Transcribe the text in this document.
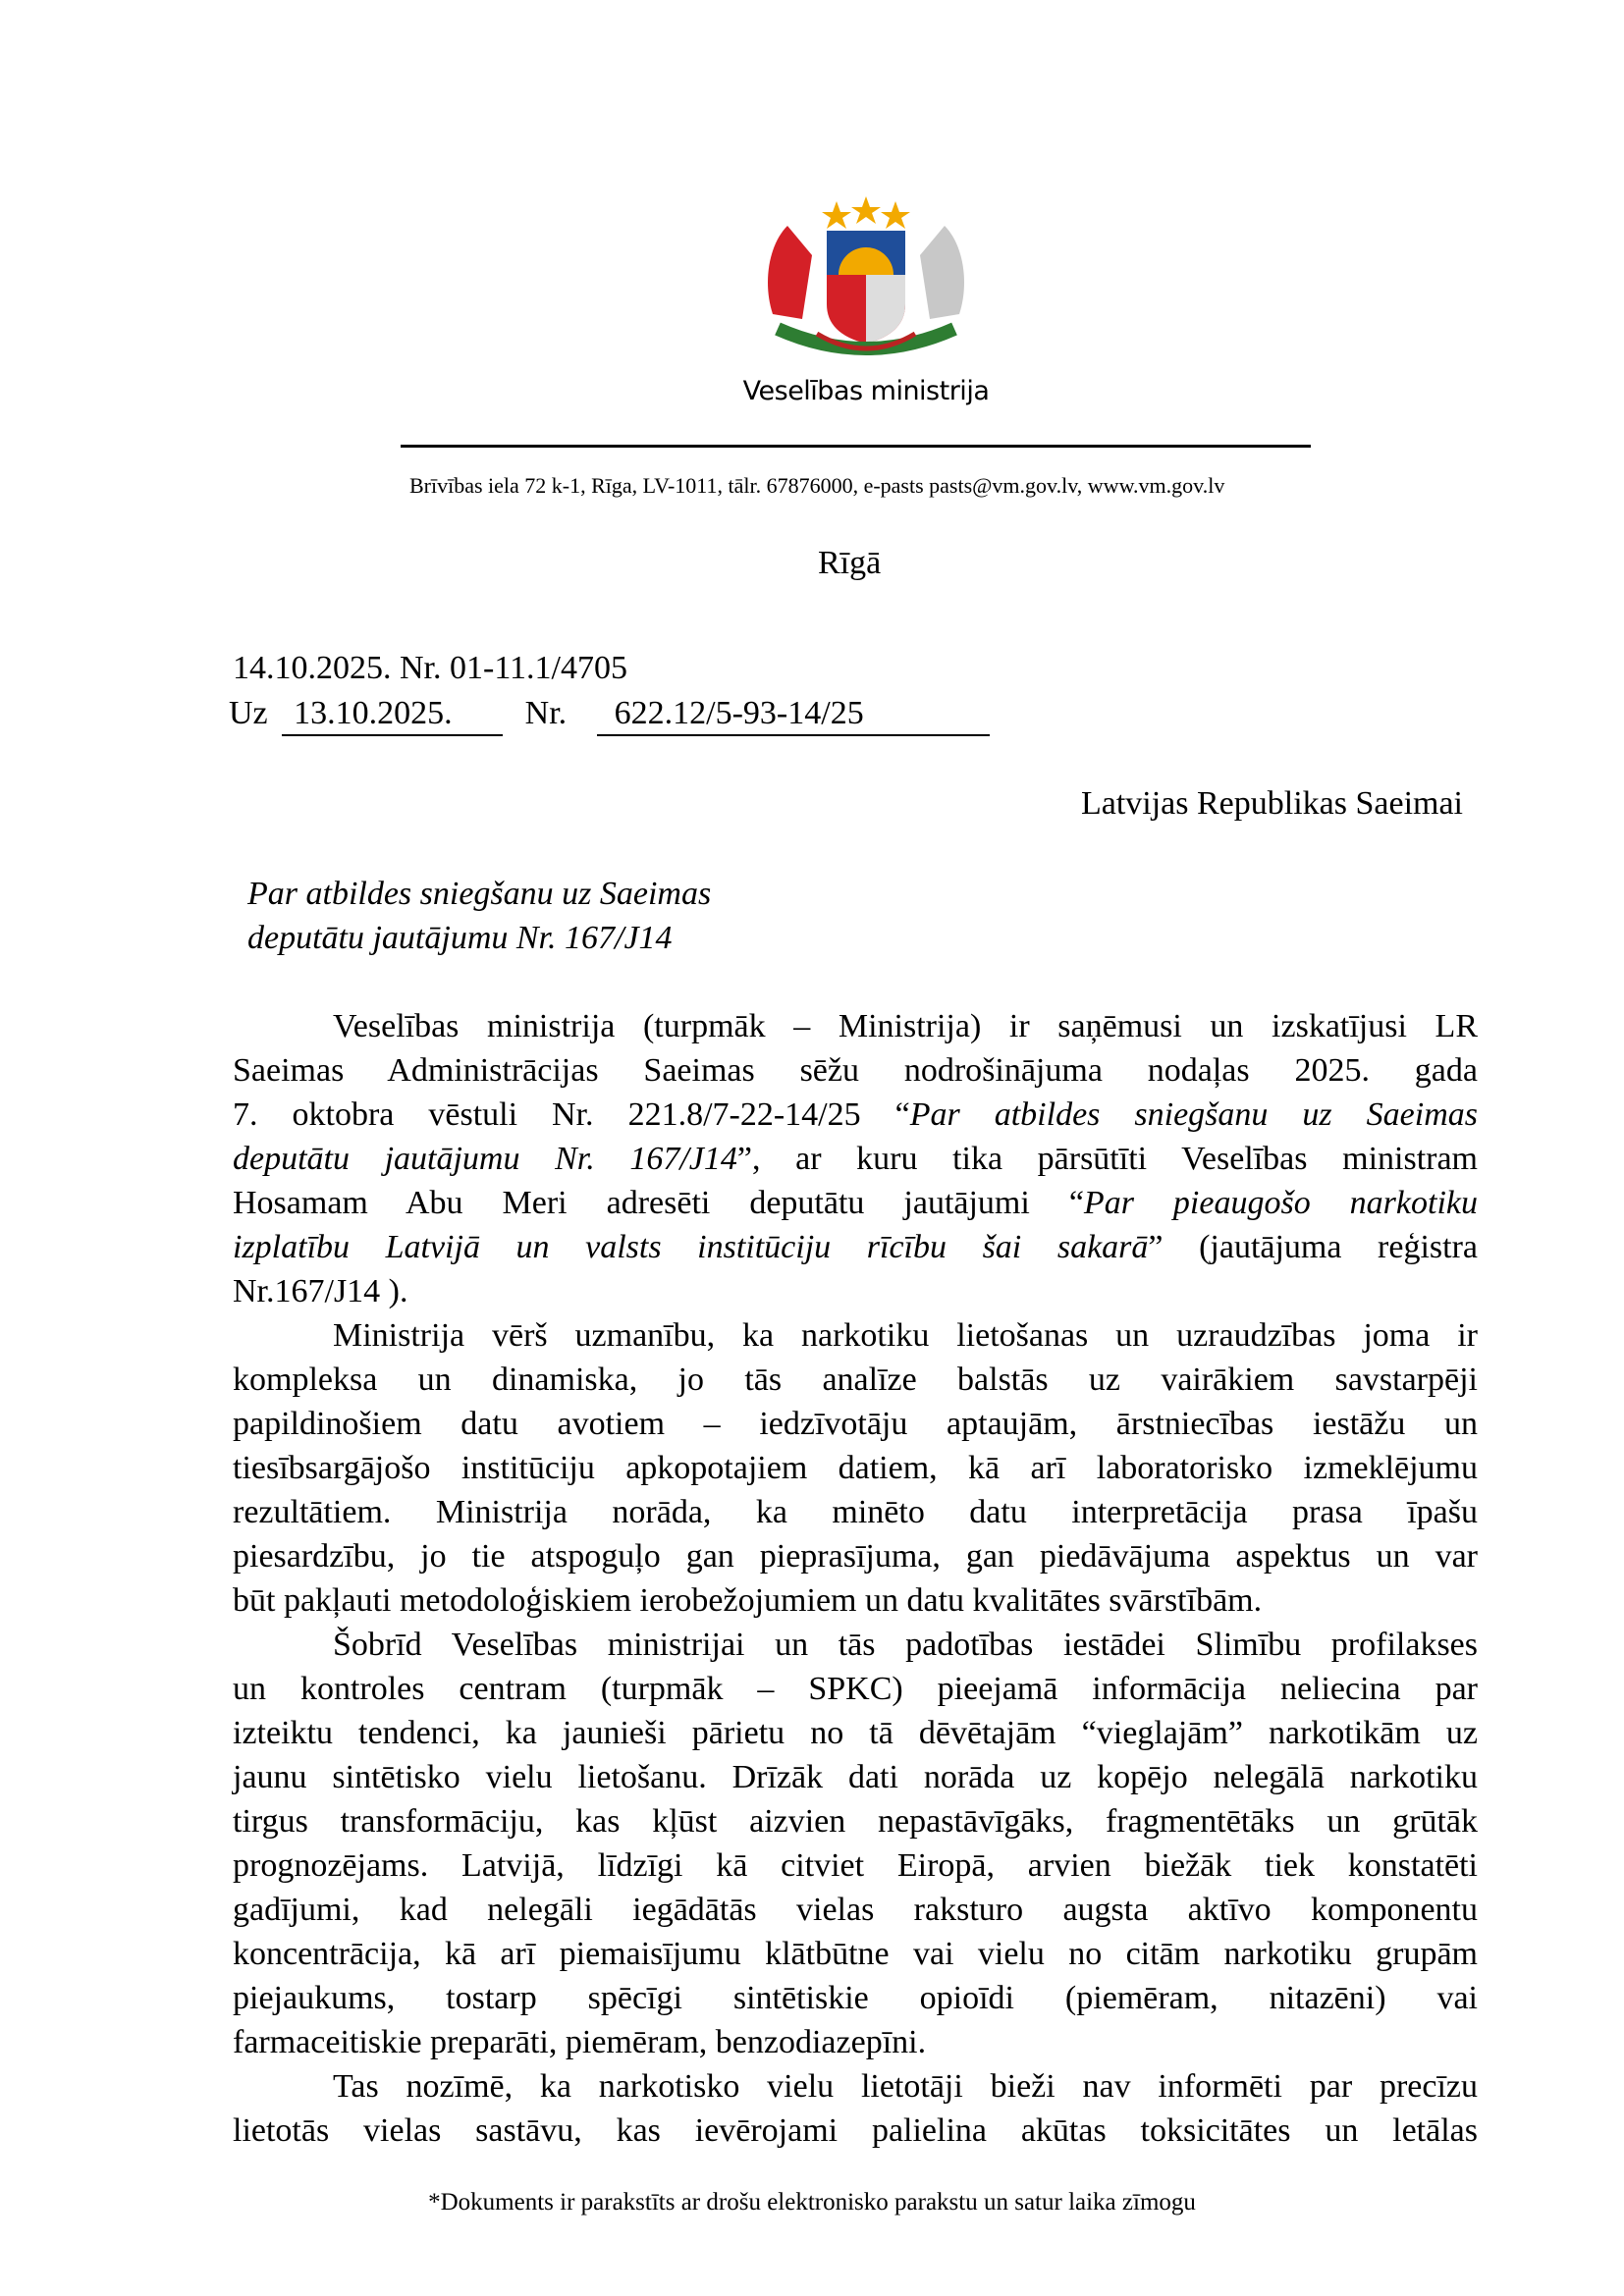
Veselības ministrija
Brīvības iela 72 k-1, Rīga, LV-1011, tālr. 67876000, e-pasts pasts@vm.gov.lv, www.vm.gov.lv
Rīgā
14.10.2025. Nr. 01-11.1/4705
Uz 13.10.2025. Nr. 622.12/5-93-14/25
Latvijas Republikas Saeimai
Par atbildes sniegšanu uz Saeimas
deputātu jautājumu Nr. 167/J14
Veselības ministrija (turpmāk – Ministrija) ir saņēmusi un izskatījusi LR
Saeimas Administrācijas Saeimas sēžu nodrošinājuma nodaļas 2025. gada
7. oktobra vēstuli Nr. 221.8/7-22-14/25 “Par atbildes sniegšanu uz Saeimas
deputātu jautājumu Nr. 167/J14”, ar kuru tika pārsūtīti Veselības ministram
Hosamam Abu Meri adresēti deputātu jautājumi “Par pieaugošo narkotiku
izplatību Latvijā un valsts institūciju rīcību šai sakarā” (jautājuma reģistra
Nr.167/J14 ).
Ministrija vērš uzmanību, ka narkotiku lietošanas un uzraudzības joma ir
kompleksa un dinamiska, jo tās analīze balstās uz vairākiem savstarpēji
papildinošiem datu avotiem – iedzīvotāju aptaujām, ārstniecības iestāžu un
tiesībsargājošo institūciju apkopotajiem datiem, kā arī laboratorisko izmeklējumu
rezultātiem. Ministrija norāda, ka minēto datu interpretācija prasa īpašu
piesardzību, jo tie atspoguļo gan pieprasījuma, gan piedāvājuma aspektus un var
būt pakļauti metodoloģiskiem ierobežojumiem un datu kvalitātes svārstībām.
Šobrīd Veselības ministrijai un tās padotības iestādei Slimību profilakses
un kontroles centram (turpmāk – SPKC) pieejamā informācija neliecina par
izteiktu tendenci, ka jaunieši pārietu no tā dēvētajām “vieglajām” narkotikām uz
jaunu sintētisko vielu lietošanu. Drīzāk dati norāda uz kopējo nelegālā narkotiku
tirgus transformāciju, kas kļūst aizvien nepastāvīgāks, fragmentētāks un grūtāk
prognozējams. Latvijā, līdzīgi kā citviet Eiropā, arvien biežāk tiek konstatēti
gadījumi, kad nelegāli iegādātās vielas raksturo augsta aktīvo komponentu
koncentrācija, kā arī piemaisījumu klātbūtne vai vielu no citām narkotiku grupām
piejaukums, tostarp spēcīgi sintētiskie opioīdi (piemēram, nitazēni) vai
farmaceitiskie preparāti, piemēram, benzodiazepīni.
Tas nozīmē, ka narkotisko vielu lietotāji bieži nav informēti par precīzu
lietotās vielas sastāvu, kas ievērojami palielina akūtas toksicitātes un letālas
*Dokuments ir parakstīts ar drošu elektronisko parakstu un satur laika zīmogu
